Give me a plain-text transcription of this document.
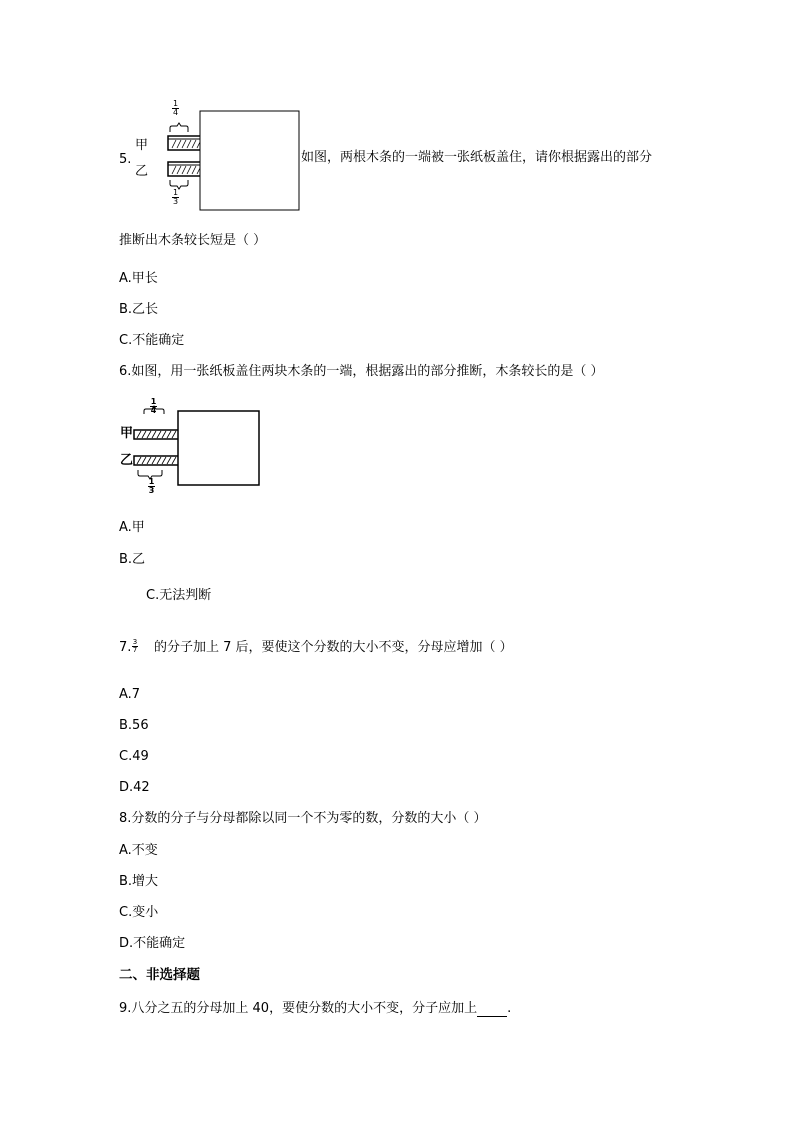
5.
1
4
1
3
甲
乙
如图，两根木条的一端被一张纸板盖住，请你根据露出的部分
推断出木条较长短是（ ）
A.甲长
B.乙长
C.不能确定
6.如图，用一张纸板盖住两块木条的一端，根据露出的部分推断，木条较长的是（ ）
1
4
1
3
甲
乙
A.甲
B.乙
C.无法判断
7. 3
7 的分子加上 7 后，要使这个分数的大小不变，分母应增加（ ）
A.7
B.56
C.49
D.42
8.分数的分子与分母都除以同一个不为零的数，分数的大小（ ）
A.不变
B.增大
C.变小
D.不能确定
二、非选择题
9.八分之五的分母加上 40，要使分数的大小不变，分子应加上 .
